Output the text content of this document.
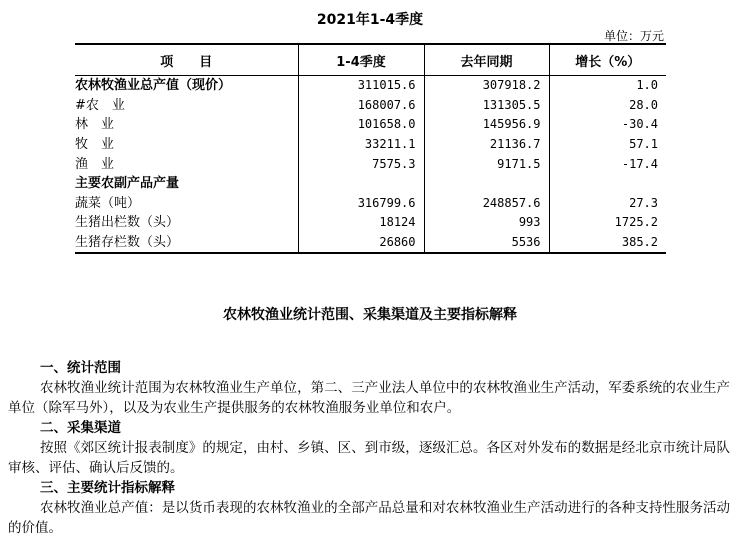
2021年1-4季度
单位：万元
项　　目	1-4季度	去年同期	增长（%）
农林牧渔业总产值（现价）	311015.6	307918.2	1.0
#农　业	168007.6	131305.5	28.0
林　业	101658.0	145956.9	-30.4
牧　业	33211.1	21136.7	57.1
渔　业	7575.3	9171.5	-17.4
主要农副产品产量			
蔬菜（吨）	316799.6	248857.6	27.3
生猪出栏数（头）	18124	993	1725.2
生猪存栏数（头）	26860	5536	385.2
农林牧渔业统计范围、采集渠道及主要指标解释
一、统计范围
农林牧渔业统计范围为农林牧渔业生产单位，第二、三产业法人单位中的农林牧渔业生产活动，军委系统的农业生产单位（除军马外），以及为农业生产提供服务的农林牧渔服务业单位和农户。
二、采集渠道
按照《郊区统计报表制度》的规定，由村、乡镇、区、到市级，逐级汇总。各区对外发布的数据是经北京市统计局队审核、评估、确认后反馈的。
三、主要统计指标解释
农林牧渔业总产值：是以货币表现的农林牧渔业的全部产品总量和对农林牧渔业生产活动进行的各种支持性服务活动的价值。
